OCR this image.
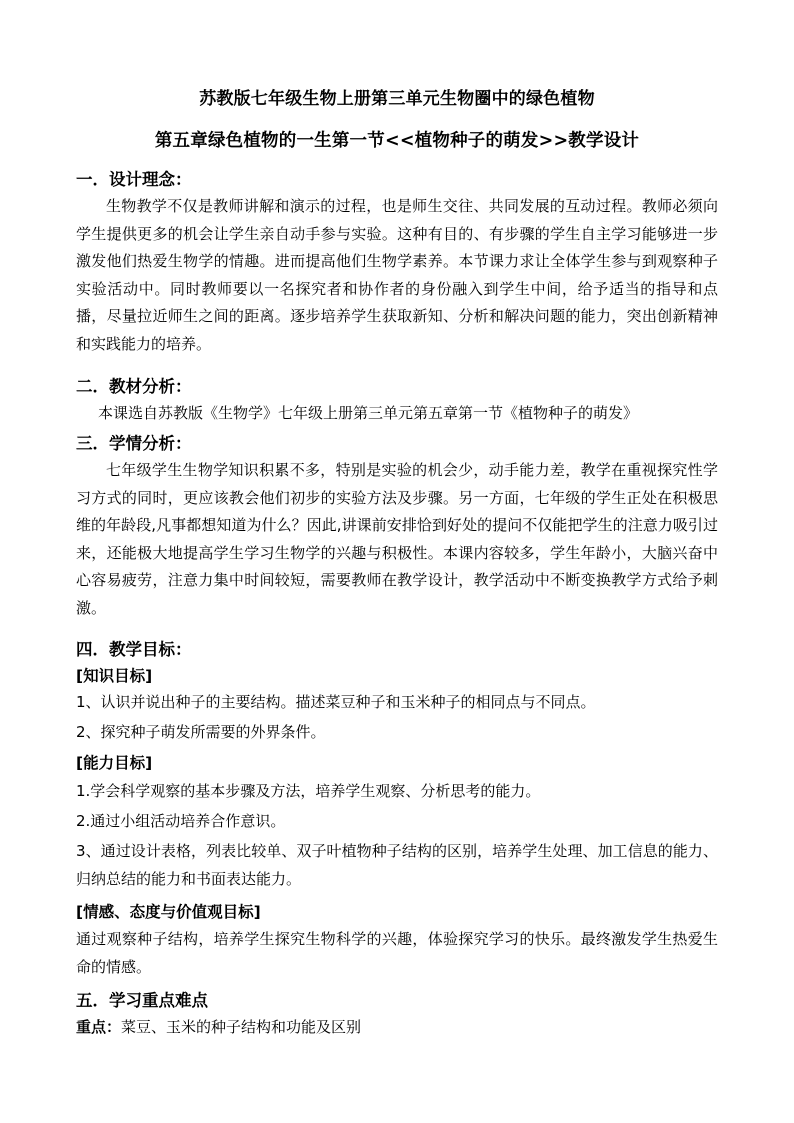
苏教版七年级生物上册第三单元生物圈中的绿色植物
第五章绿色植物的一生第一节<<植物种子的萌发>>教学设计
一．设计理念：

生物教学不仅是教师讲解和演示的过程，也是师生交往、共同发展的互动过程。教师必须向学生提供更多的机会让学生亲自动手参与实验。这种有目的、有步骤的学生自主学习能够进一步激发他们热爱生物学的情趣。进而提高他们生物学素养。本节课力求让全体学生参与到观察种子实验活动中。同时教师要以一名探究者和协作者的身份融入到学生中间，给予适当的指导和点播，尽量拉近师生之间的距离。逐步培养学生获取新知、分析和解决问题的能力，突出创新精神和实践能力的培养。

二．教材分析：

本课选自苏教版《生物学》七年级上册第三单元第五章第一节《植物种子的萌发》

三．学情分析：

七年级学生生物学知识积累不多，特别是实验的机会少，动手能力差，教学在重视探究性学习方式的同时，更应该教会他们初步的实验方法及步骤。另一方面，七年级的学生正处在积极思维的年龄段,凡事都想知道为什么？因此,讲课前安排恰到好处的提问不仅能把学生的注意力吸引过来，还能极大地提高学生学习生物学的兴趣与积极性。本课内容较多，学生年龄小，大脑兴奋中心容易疲劳，注意力集中时间较短，需要教师在教学设计，教学活动中不断变换教学方式给予刺激。

四．教学目标：
[知识目标]

1、认识并说出种子的主要结构。描述菜豆种子和玉米种子的相同点与不同点。

2、探究种子萌发所需要的外界条件。

[能力目标]

1.学会科学观察的基本步骤及方法，培养学生观察、分析思考的能力。

2.通过小组活动培养合作意识。

3、通过设计表格，列表比较单、双子叶植物种子结构的区别，培养学生处理、加工信息的能力、归纳总结的能力和书面表达能力。

[情感、态度与价值观目标]

通过观察种子结构，培养学生探究生物科学的兴趣，体验探究学习的快乐。最终激发学生热爱生命的情感。

五．学习重点难点

重点：菜豆、玉米的种子结构和功能及区别
